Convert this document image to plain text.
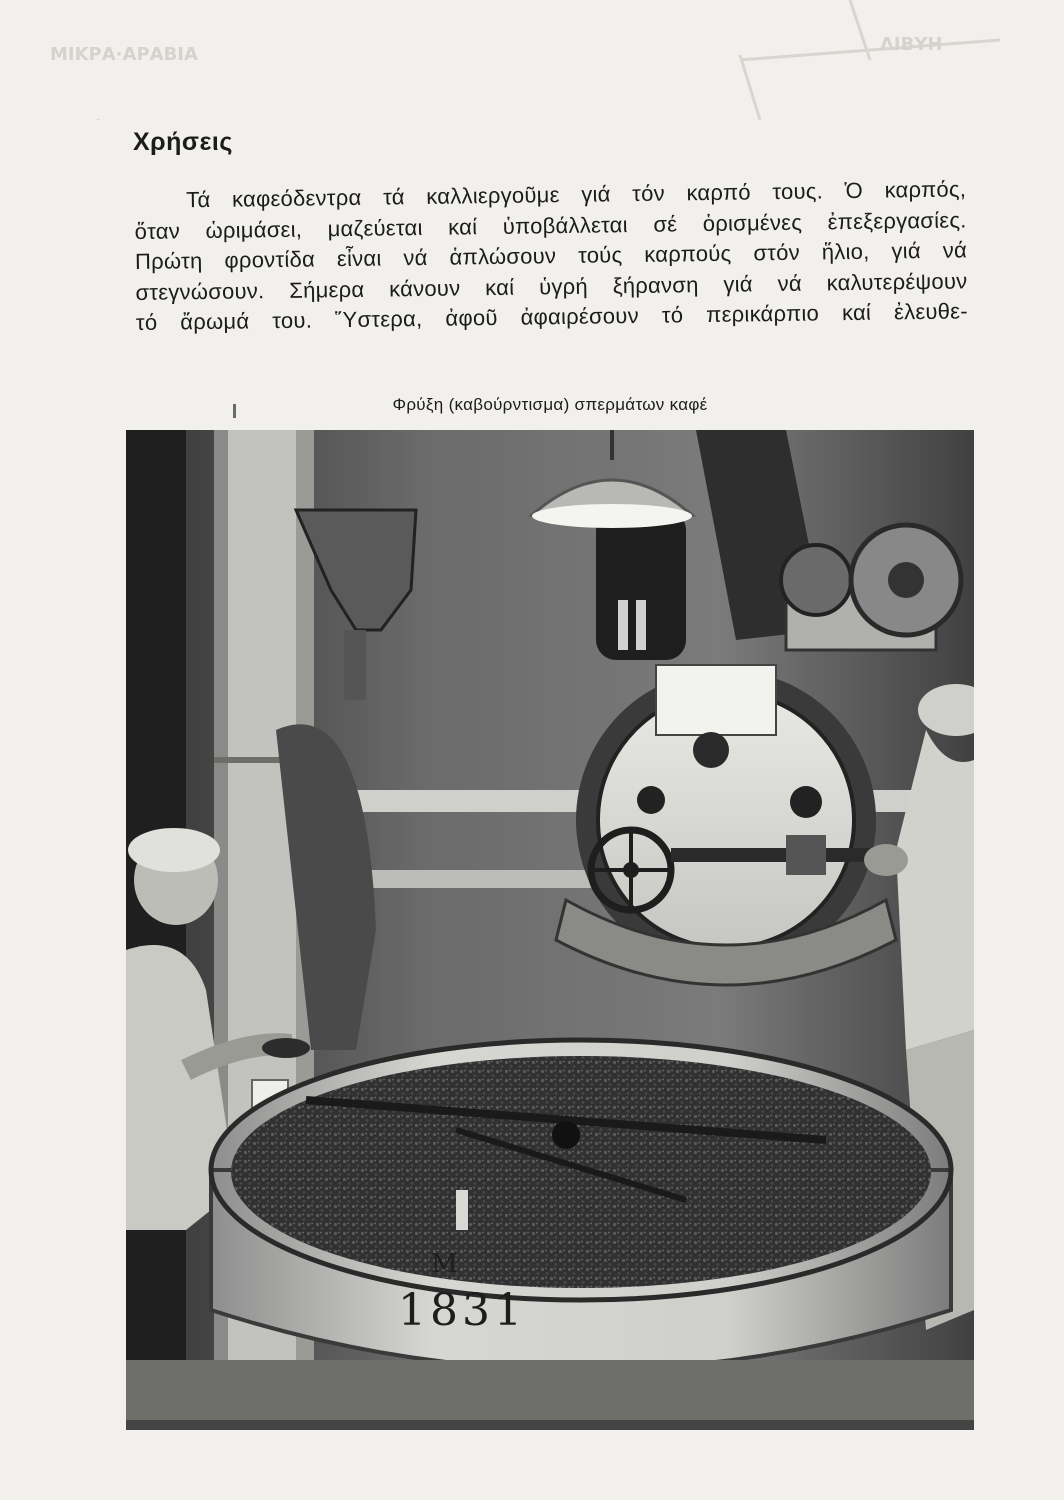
ΜΙΚΡΑ·ΑΡΑΒΙΑ	ΛΙΒΥΗ
Χρήσεις
Τά καφεόδεντρα τά καλλιεργοῦμε γιά τόν καρπό τους. Ὁ καρπός,
ὅταν ὡριμάσει, μαζεύεται καί ὑποβάλλεται σέ ὁρισμένες ἐπεξεργασίες.
Πρώτη φροντίδα εἶναι νά ἁπλώσουν τούς καρπούς στόν ἥλιο, γιά νά
στεγνώσουν. Σήμερα κάνουν καί ὑγρή ξήρανση γιά νά καλυτερέψουν
τό ἄρωμά του. Ὕστερα, ἀφοῦ ἀφαιρέσουν τό περικάρπιο καί ἐλευθε-
Φρύξη (καβούρντισμα) σπερμάτων καφέ
M
1831
